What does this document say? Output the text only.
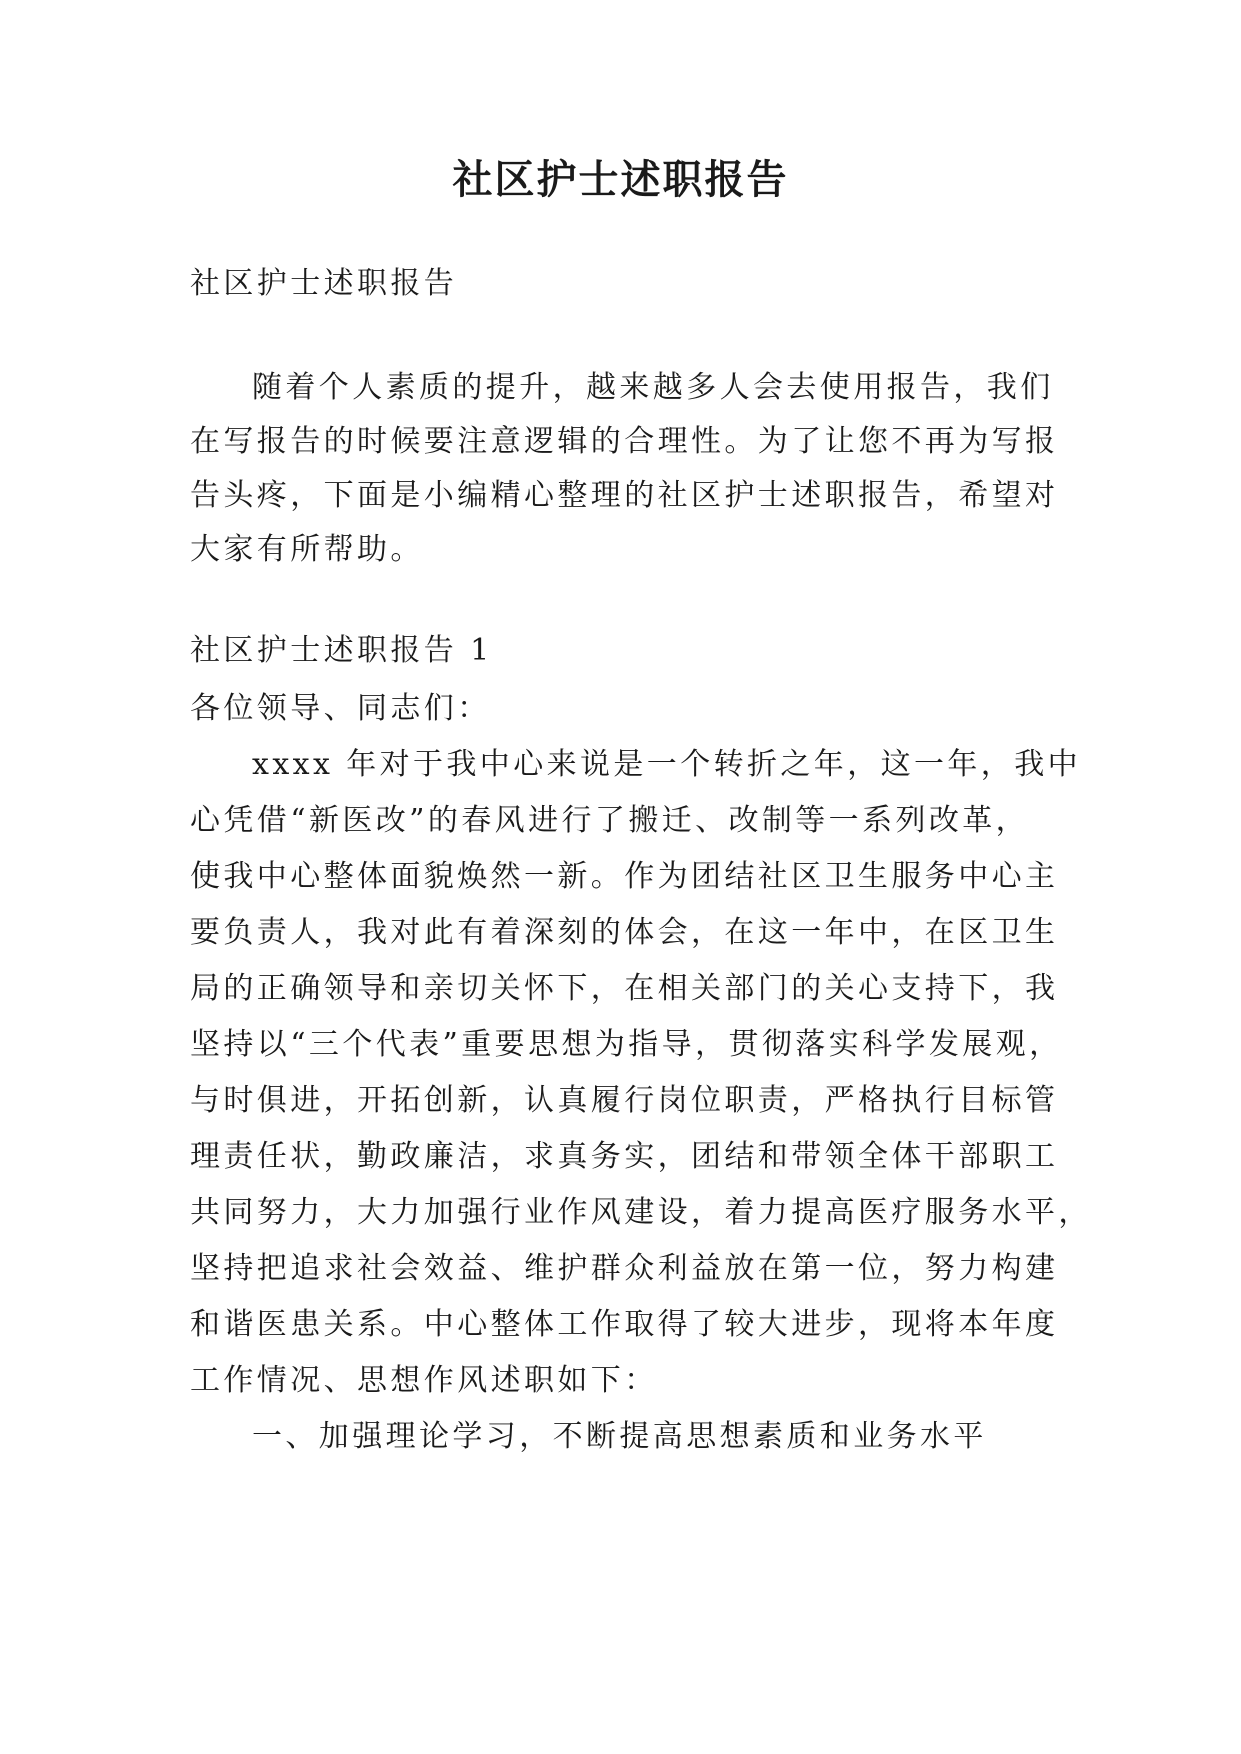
社区护士述职报告
社区护士述职报告
随着个人素质的提升，越来越多人会去使用报告，我们
在写报告的时候要注意逻辑的合理性。为了让您不再为写报
告头疼，下面是小编精心整理的社区护士述职报告，希望对
大家有所帮助。
社区护士述职报告 1
各位领导、同志们：
xxxx 年对于我中心来说是一个转折之年，这一年，我中
心凭借“新医改”的春风进行了搬迁、改制等一系列改革，
使我中心整体面貌焕然一新。作为团结社区卫生服务中心主
要负责人，我对此有着深刻的体会，在这一年中，在区卫生
局的正确领导和亲切关怀下，在相关部门的关心支持下，我
坚持以“三个代表”重要思想为指导，贯彻落实科学发展观，
与时俱进，开拓创新，认真履行岗位职责，严格执行目标管
理责任状，勤政廉洁，求真务实，团结和带领全体干部职工
共同努力，大力加强行业作风建设，着力提高医疗服务水平，
坚持把追求社会效益、维护群众利益放在第一位，努力构建
和谐医患关系。中心整体工作取得了较大进步，现将本年度
工作情况、思想作风述职如下：
一、加强理论学习，不断提高思想素质和业务水平
